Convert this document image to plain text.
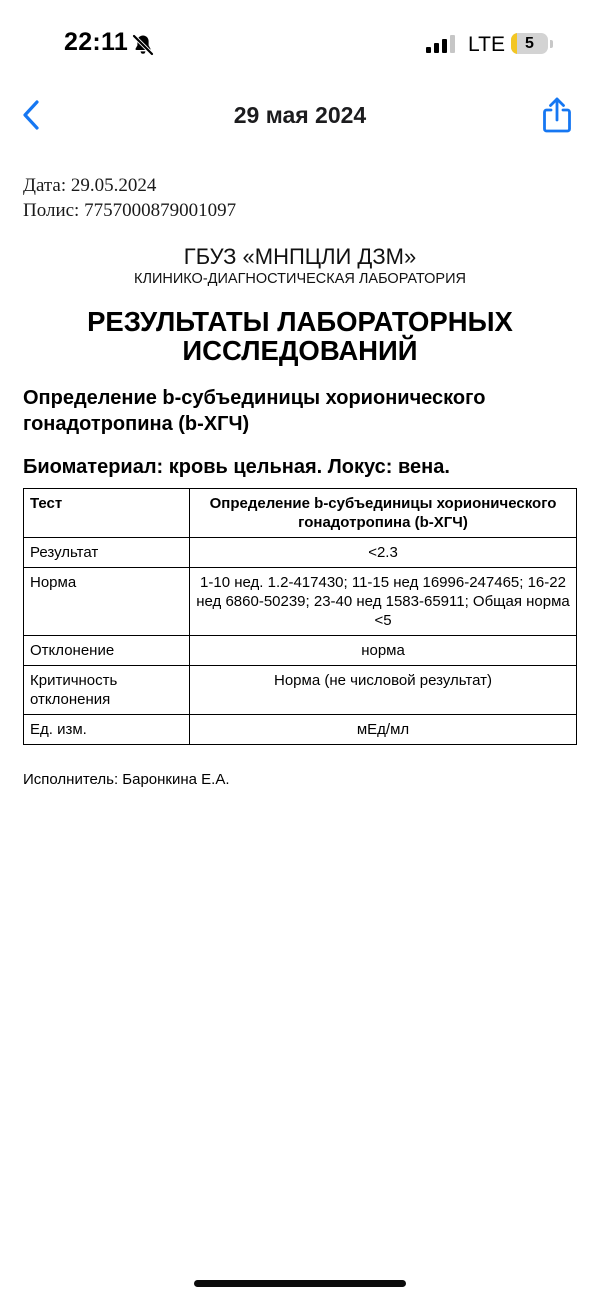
22:11	LTE	5
29 мая 2024
Дата: 29.05.2024
Полис: 7757000879001097
ГБУЗ «МНПЦЛИ ДЗМ»
КЛИНИКО-ДИАГНОСТИЧЕСКАЯ ЛАБОРАТОРИЯ
РЕЗУЛЬТАТЫ ЛАБОРАТОРНЫХ ИССЛЕДОВАНИЙ
Определение b-субъединицы хорионического гонадотропина (b-ХГЧ)
Биоматериал: кровь цельная. Локус: вена.
Тест	Определение b-субъединицы хорионического гонадотропина (b-ХГЧ)
Результат	<2.3
Норма	1-10 нед. 1.2-417430; 11-15 нед 16996-247465; 16-22 нед 6860-50239; 23-40 нед 1583-65911; Общая норма <5
Отклонение	норма
Критичность отклонения	Норма (не числовой результат)
Ед. изм.	мЕд/мл
Исполнитель: Баронкина Е.А.
